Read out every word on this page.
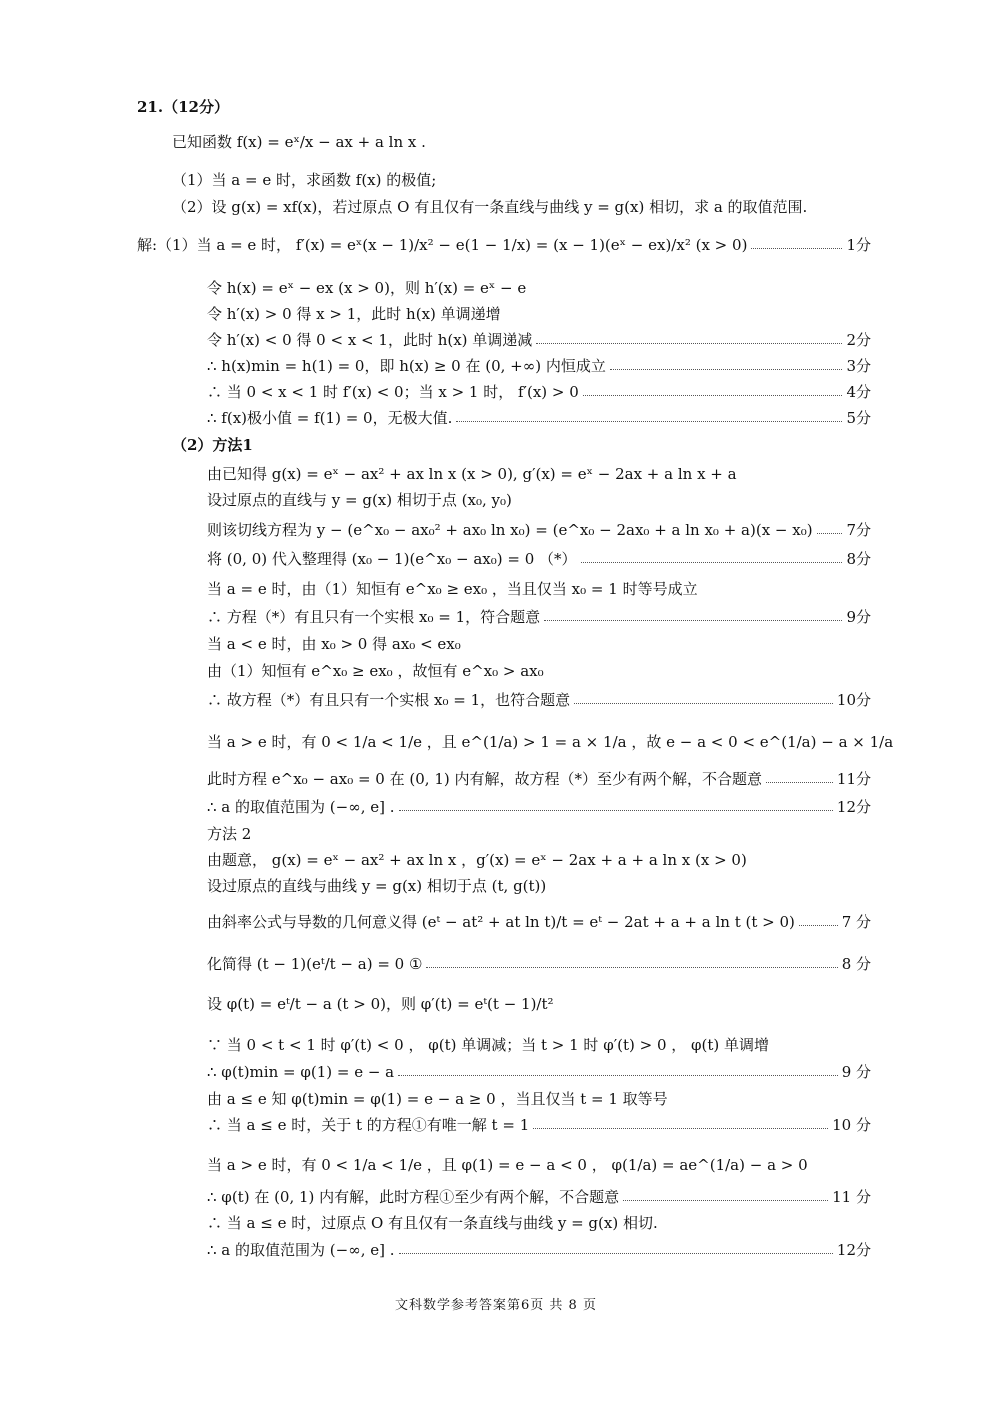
21.（12分）
已知函数 f(x) = eˣ/x − ax + a ln x .
（1）当 a = e 时，求函数 f(x) 的极值;
（2）设 g(x) = xf(x)，若过原点 O 有且仅有一条直线与曲线 y = g(x) 相切，求 a 的取值范围.
解:（1）当 a = e 时， f′(x) = eˣ(x − 1)/x² − e(1 − 1/x) = (x − 1)(eˣ − ex)/x² (x > 0)	1分
令 h(x) = eˣ − ex (x > 0)，则 h′(x) = eˣ − e
令 h′(x) > 0 得 x > 1，此时 h(x) 单调递增
令 h′(x) < 0 得 0 < x < 1，此时 h(x) 单调递减	2分
∴ h(x)min = h(1) = 0，即 h(x) ≥ 0 在 (0, +∞) 内恒成立	3分
∴ 当 0 < x < 1 时 f′(x) < 0；当 x > 1 时， f′(x) > 0	4分
∴ f(x)极小值 = f(1) = 0，无极大值.	5分
（2）方法1
由已知得 g(x) = eˣ − ax² + ax ln x (x > 0), g′(x) = eˣ − 2ax + a ln x + a
设过原点的直线与 y = g(x) 相切于点 (x₀, y₀)
则该切线方程为 y − (e^x₀ − ax₀² + ax₀ ln x₀) = (e^x₀ − 2ax₀ + a ln x₀ + a)(x − x₀) 7分
将 (0, 0) 代入整理得 (x₀ − 1)(e^x₀ − ax₀) = 0 （*）	8分
当 a = e 时，由（1）知恒有 e^x₀ ≥ ex₀ ，当且仅当 x₀ = 1 时等号成立
∴ 方程（*）有且只有一个实根 x₀ = 1，符合题意	9分
当 a < e 时，由 x₀ > 0 得 ax₀ < ex₀
由（1）知恒有 e^x₀ ≥ ex₀ ，故恒有 e^x₀ > ax₀
∴ 故方程（*）有且只有一个实根 x₀ = 1，也符合题意	10分
当 a > e 时，有 0 < 1/a < 1/e ，且 e^(1/a) > 1 = a × 1/a ，故 e − a < 0 < e^(1/a) − a × 1/a
此时方程 e^x₀ − ax₀ = 0 在 (0, 1) 内有解，故方程（*）至少有两个解，不合题意	11分
∴ a 的取值范围为 (−∞, e] .	12分
方法 2
由题意， g(x) = eˣ − ax² + ax ln x ，g′(x) = eˣ − 2ax + a + a ln x (x > 0)
设过原点的直线与曲线 y = g(x) 相切于点 (t, g(t))
由斜率公式与导数的几何意义得 (eᵗ − at² + at ln t)/t = eᵗ − 2at + a + a ln t (t > 0)	7 分
化简得 (t − 1)(eᵗ/t − a) = 0 ①	8 分
设 φ(t) = eᵗ/t − a (t > 0)，则 φ′(t) = eᵗ(t − 1)/t²
∵ 当 0 < t < 1 时 φ′(t) < 0 ， φ(t) 单调减；当 t > 1 时 φ′(t) > 0 ， φ(t) 单调增
∴ φ(t)min = φ(1) = e − a	9 分
由 a ≤ e 知 φ(t)min = φ(1) = e − a ≥ 0 ，当且仅当 t = 1 取等号
∴ 当 a ≤ e 时，关于 t 的方程①有唯一解 t = 1	10 分
当 a > e 时，有 0 < 1/a < 1/e ，且 φ(1) = e − a < 0 ， φ(1/a) = ae^(1/a) − a > 0
∴ φ(t) 在 (0, 1) 内有解，此时方程①至少有两个解，不合题意	11 分
∴ 当 a ≤ e 时，过原点 O 有且仅有一条直线与曲线 y = g(x) 相切.
∴ a 的取值范围为 (−∞, e] .	12分
文科数学参考答案第6页 共 8 页
